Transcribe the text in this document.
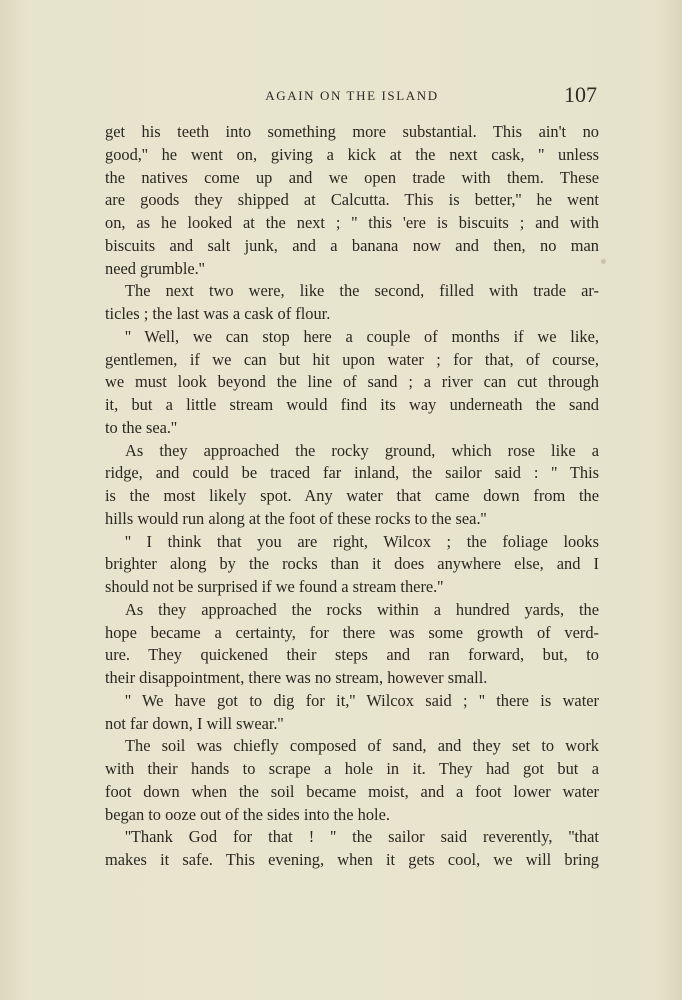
AGAIN ON THE ISLAND	107
get his teeth into something more substantial. This ain't no
good,'' he went on, giving a kick at the next cask, '' unless
the natives come up and we open trade with them. These
are goods they shipped at Calcutta. This is better,'' he went
on, as he looked at the next ; '' this 'ere is biscuits ; and with
biscuits and salt junk, and a banana now and then, no man
need grumble.''
The next two were, like the second, filled with trade ar-
ticles ; the last was a cask of flour.
'' Well, we can stop here a couple of months if we like,
gentlemen, if we can but hit upon water ; for that, of course,
we must look beyond the line of sand ; a river can cut through
it, but a little stream would find its way underneath the sand
to the sea.''
As they approached the rocky ground, which rose like a
ridge, and could be traced far inland, the sailor said : '' This
is the most likely spot. Any water that came down from the
hills would run along at the foot of these rocks to the sea.''
'' I think that you are right, Wilcox ; the foliage looks
brighter along by the rocks than it does anywhere else, and I
should not be surprised if we found a stream there.''
As they approached the rocks within a hundred yards, the
hope became a certainty, for there was some growth of verd-
ure. They quickened their steps and ran forward, but, to
their disappointment, there was no stream, however small.
'' We have got to dig for it,'' Wilcox said ; '' there is water
not far down, I will swear.''
The soil was chiefly composed of sand, and they set to work
with their hands to scrape a hole in it. They had got but a
foot down when the soil became moist, and a foot lower water
began to ooze out of the sides into the hole.
''Thank God for that ! '' the sailor said reverently, ''that
makes it safe. This evening, when it gets cool, we will bring
